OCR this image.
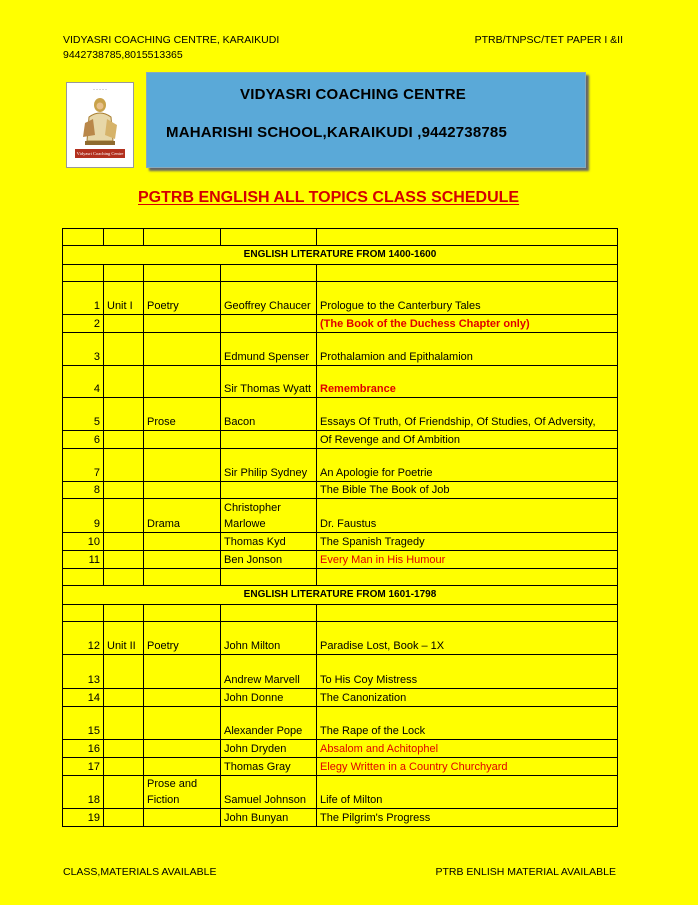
VIDYASRI COACHING CENTRE, KARAIKUDI
9442738785,8015513365
PTRB/TNPSC/TET PAPER I &II
~ ~ ~ ~ ~
Vidyasri Coaching Centre
VIDYASRI COACHING CENTRE
MAHARISHI SCHOOL,KARAIKUDI ,9442738785
PGTRB ENGLISH ALL TOPICS CLASS SCHEDULE

ENGLISH LITERATURE FROM 1400-1600				

1	Unit I	Poetry	Geoffrey Chaucer	Prologue to the Canterbury Tales
2				(The Book of the Duchess Chapter only)
3			Edmund Spenser	Prothalamion and Epithalamion
4			Sir Thomas Wyatt	Remembrance
5		Prose	Bacon	Essays Of Truth, Of Friendship, Of Studies, Of Adversity,
6				Of Revenge and Of Ambition
7			Sir Philip Sydney	An Apologie for Poetrie
8				The Bible The Book of Job
9		Drama	Christopher Marlowe	Dr. Faustus
10			Thomas Kyd	The Spanish Tragedy
11			Ben Jonson	Every Man in His Humour

ENGLISH LITERATURE FROM 1601-1798				

12	Unit II	Poetry	John Milton	Paradise Lost, Book – 1X
13			Andrew Marvell	To His Coy Mistress
14			John Donne	The Canonization
15			Alexander Pope	The Rape of the Lock
16			John Dryden	Absalom and Achitophel
17			Thomas Gray	Elegy Written in a Country Churchyard
18		Prose and Fiction	Samuel Johnson	Life of Milton
19			John Bunyan	The Pilgrim's Progress
CLASS,MATERIALS AVAILABLE	PTRB ENLISH MATERIAL AVAILABLE
